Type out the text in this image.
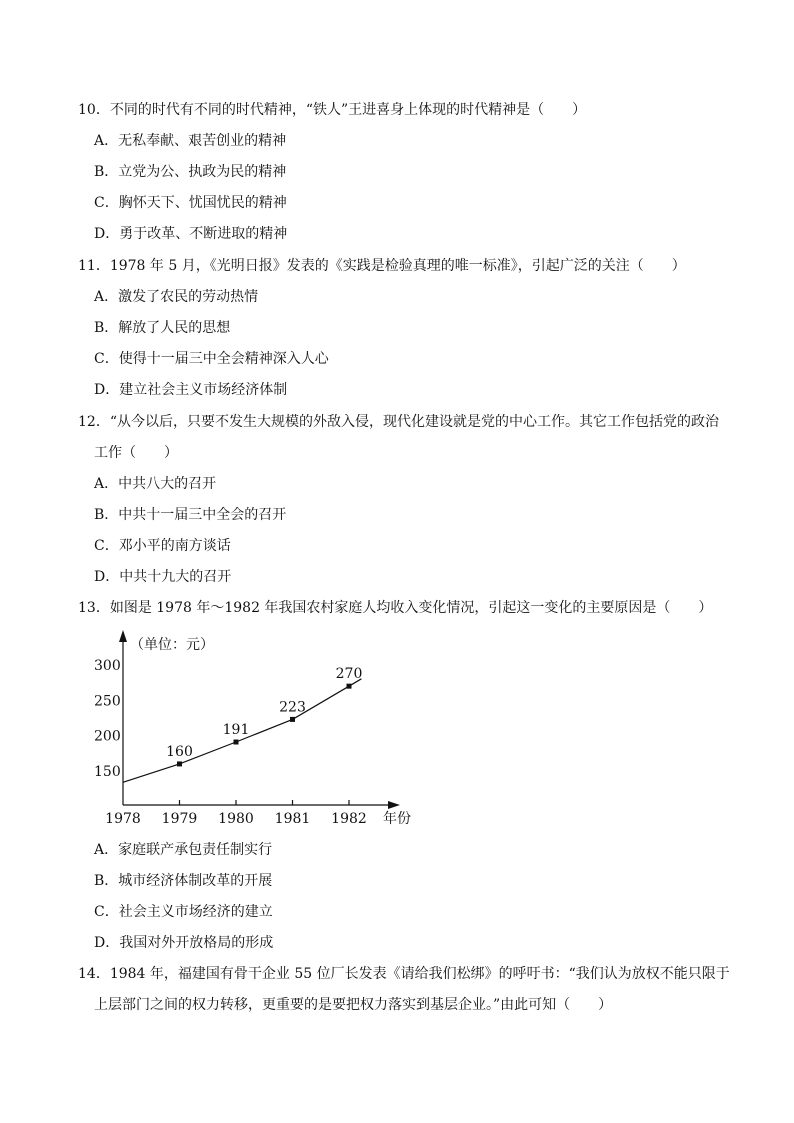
10．不同的时代有不同的时代精神，“铁人”王进喜身上体现的时代精神是（　　）
A．无私奉献、艰苦创业的精神
B．立党为公、执政为民的精神
C．胸怀天下、忧国忧民的精神
D．勇于改革、不断进取的精神
11．1978 年 5 月，《光明日报》发表的《实践是检验真理的唯一标准》，引起广泛的关注（　　）
A．激发了农民的劳动热情
B．解放了人民的思想
C．使得十一届三中全会精神深入人心
D．建立社会主义市场经济体制
12．“从今以后，只要不发生大规模的外敌入侵，现代化建设就是党的中心工作。其它工作包括党的政治
工作（　　）
A．中共八大的召开
B．中共十一届三中全会的召开
C．邓小平的南方谈话
D．中共十九大的召开
13．如图是 1978 年～1982 年我国农村家庭人均收入变化情况，引起这一变化的主要原因是（　　）
（单位：元）
年份
150
200
250
300
1978 1979 1980 1981 1982
160
191
223
270
A．家庭联产承包责任制实行
B．城市经济体制改革的开展
C．社会主义市场经济的建立
D．我国对外开放格局的形成
14．1984 年，福建国有骨干企业 55 位厂长发表《请给我们松绑》的呼吁书：“我们认为放权不能只限于
上层部门之间的权力转移，更重要的是要把权力落实到基层企业。”由此可知（　　）
